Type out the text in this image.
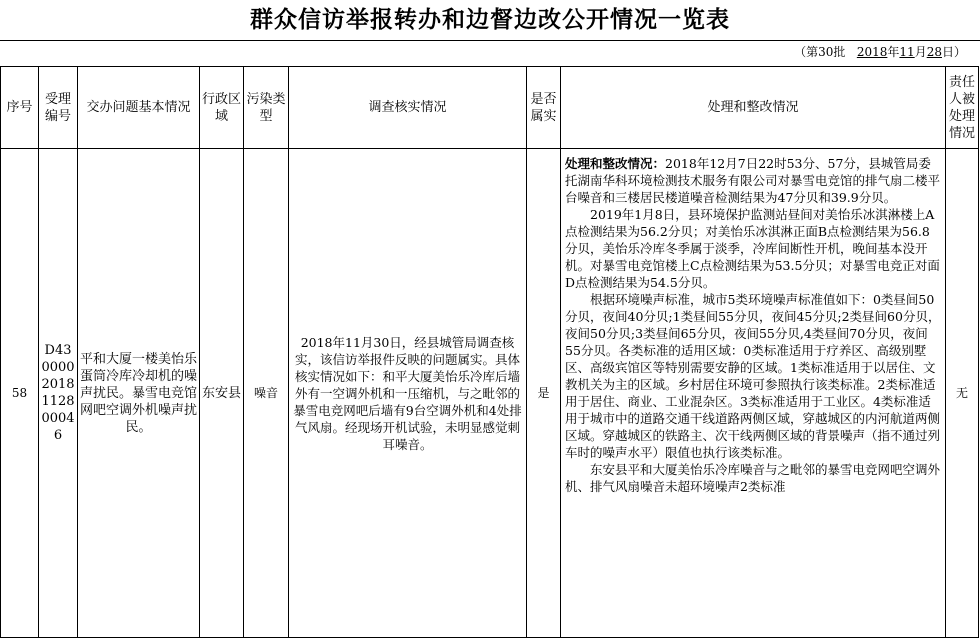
群众信访举报转办和边督边改公开情况一览表
（第30批 2018年11月28日）
序号	受理编号	交办问题基本情况	行政区域	污染类型	调查核实情况	是否属实	处理和整改情况	责任人被处理情况
58	D4300002018112800046	平和大厦一楼美怡乐蛋筒冷库冷却机的噪声扰民。暴雪电竞馆网吧空调外机噪声扰民。	东安县	噪音	2018年11月30日，经县城管局调查核实，该信访举报件反映的问题属实。具体核实情况如下：和平大厦美怡乐冷库后墙外有一空调外机和一压缩机，与之毗邻的暴雪电竞网吧后墙有9台空调外机和4处排气风扇。经现场开机试验，未明显感觉刺耳噪音。	是	处理和整改情况：2018年12月7日22时53分、57分，县城管局委托湖南华科环境检测技术服务有限公司对暴雪电竞馆的排气扇二楼平台噪音和三楼居民楼道噪音检测结果为47分贝和39.9分贝。

2019年1月8日，县环境保护监测站昼间对美怡乐冰淇淋楼上A点检测结果为56.2分贝；对美怡乐冰淇淋正面B点检测结果为56.8分贝，美怡乐冷库冬季属于淡季，冷库间断性开机，晚间基本没开机。对暴雪电竞馆楼上C点检测结果为53.5分贝；对暴雪电竞正对面D点检测结果为54.5分贝。

根据环境噪声标准，城市5类环境噪声标准值如下：0类昼间50分贝，夜间40分贝;1类昼间55分贝，夜间45分贝;2类昼间60分贝，夜间50分贝;3类昼间65分贝，夜间55分贝,4类昼间70分贝，夜间55分贝。各类标准的适用区域：0类标准适用于疗养区、高级别墅区、高级宾馆区等特别需要安静的区域。1类标准适用于以居住、文教机关为主的区域。乡村居住环境可参照执行该类标准。2类标准适用于居住、商业、工业混杂区。3类标准适用于工业区。4类标准适用于城市中的道路交通干线道路两侧区域，穿越城区的内河航道两侧区域。穿越城区的铁路主、次干线两侧区域的背景噪声（指不通过列车时的噪声水平）限值也执行该类标准。

东安县平和大厦美怡乐冷库噪音与之毗邻的暴雪电竞网吧空调外机、排气风扇噪音未超环境噪声2类标准	无
